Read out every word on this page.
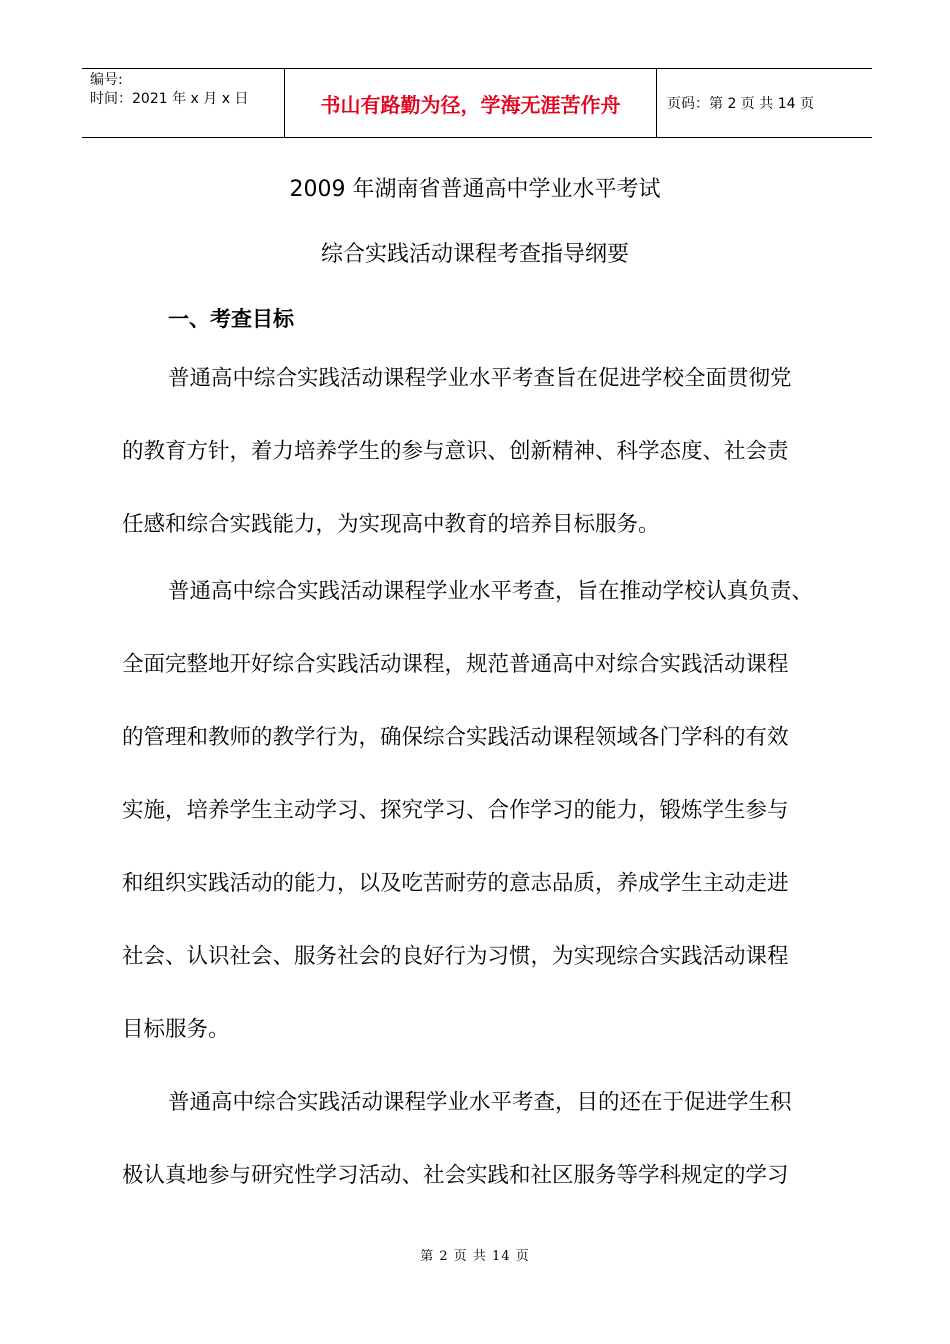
编号:
时间：2021 年 x 月 x 日	书山有路勤为径，学海无涯苦作舟	页码：第 2 页 共 14 页
2009 年湖南省普通高中学业水平考试
综合实践活动课程考查指导纲要
一、考查目标
普通高中综合实践活动课程学业水平考查旨在促进学校全面贯彻党
的教育方针，着力培养学生的参与意识、创新精神、科学态度、社会责
任感和综合实践能力，为实现高中教育的培养目标服务。
普通高中综合实践活动课程学业水平考查，旨在推动学校认真负责、
全面完整地开好综合实践活动课程，规范普通高中对综合实践活动课程
的管理和教师的教学行为，确保综合实践活动课程领域各门学科的有效
实施，培养学生主动学习、探究学习、合作学习的能力，锻炼学生参与
和组织实践活动的能力，以及吃苦耐劳的意志品质，养成学生主动走进
社会、认识社会、服务社会的良好行为习惯，为实现综合实践活动课程
目标服务。
普通高中综合实践活动课程学业水平考查，目的还在于促进学生积
极认真地参与研究性学习活动、社会实践和社区服务等学科规定的学习
第 2 页 共 14 页
